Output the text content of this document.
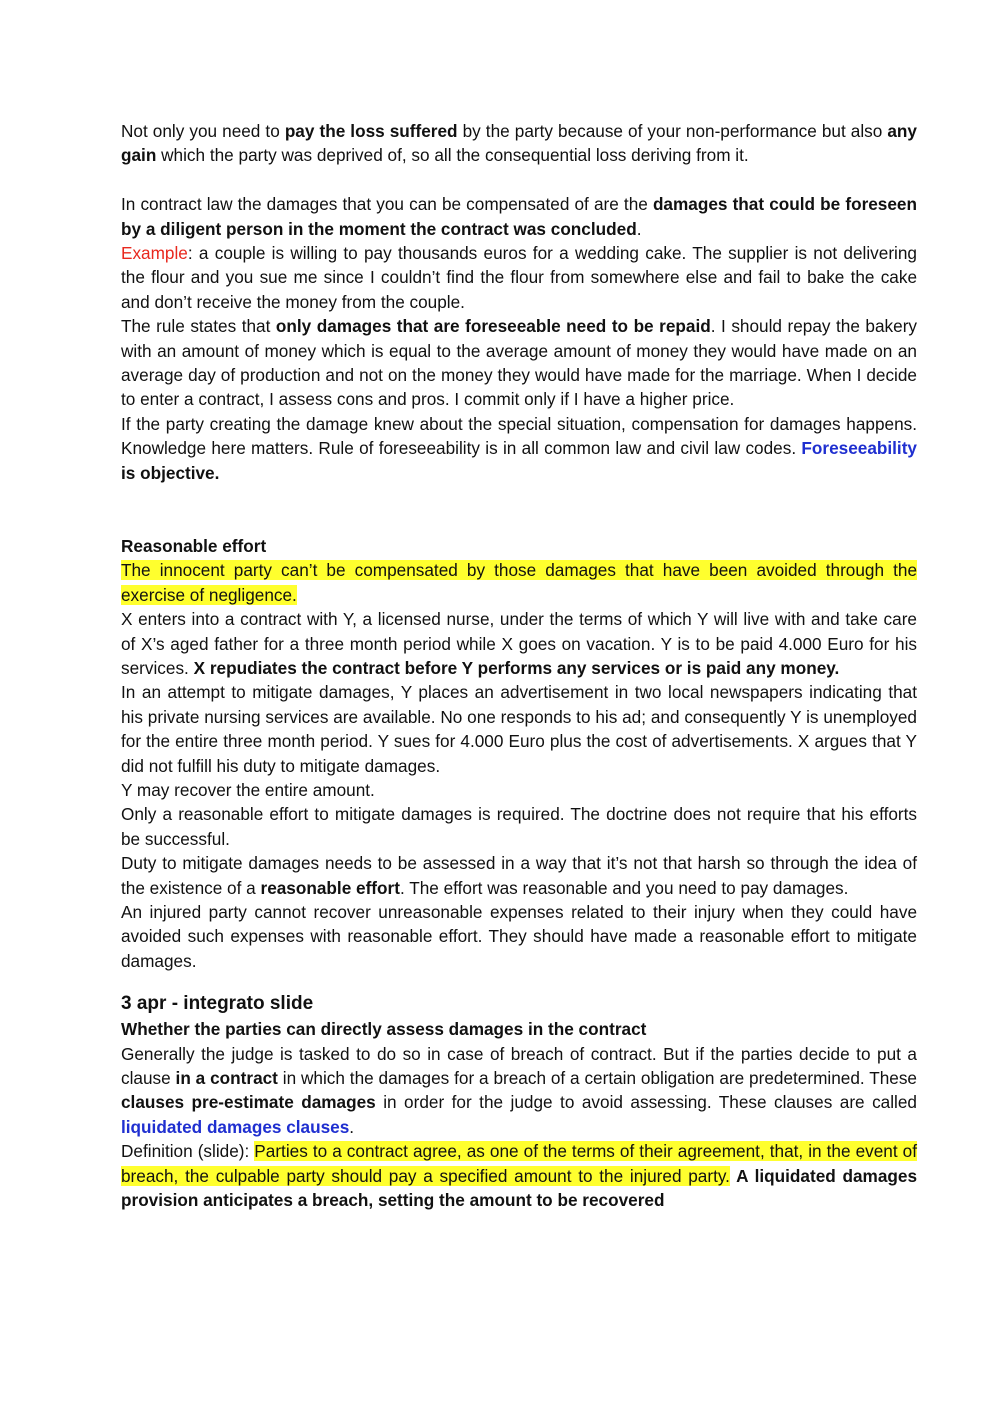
Not only you need to pay the loss suffered by the party because of your non-performance but also any gain which the party was deprived of, so all the consequential loss deriving from it.

In contract law the damages that you can be compensated of are the damages that could be foreseen by a diligent person in the moment the contract was concluded.

Example: a couple is willing to pay thousands euros for a wedding cake. The supplier is not delivering the flour and you sue me since I couldn’t find the flour from somewhere else and fail to bake the cake and don’t receive the money from the couple.

The rule states that only damages that are foreseeable need to be repaid. I should repay the bakery with an amount of money which is equal to the average amount of money they would have made on an average day of production and not on the money they would have made for the marriage. When I decide to enter a contract, I assess cons and pros. I commit only if I have a higher price.

If the party creating the damage knew about the special situation, compensation for damages happens. Knowledge here matters. Rule of foreseeability is in all common law and civil law codes. Foreseeability is objective.

Reasonable effort

The innocent party can’t be compensated by those damages that have been avoided through the exercise of negligence.

X enters into a contract with Y, a licensed nurse, under the terms of which Y will live with and take care of X’s aged father for a three month period while X goes on vacation. Y is to be paid 4.000 Euro for his services. X repudiates the contract before Y performs any services or is paid any money.

In an attempt to mitigate damages, Y places an advertisement in two local newspapers indicating that his private nursing services are available. No one responds to his ad; and consequently Y is unemployed for the entire three month period. Y sues for 4.000 Euro plus the cost of advertisements. X argues that Y did not fulfill his duty to mitigate damages.

Y may recover the entire amount.

Only a reasonable effort to mitigate damages is required. The doctrine does not require that his efforts be successful.

Duty to mitigate damages needs to be assessed in a way that it’s not that harsh so through the idea of the existence of a reasonable effort. The effort was reasonable and you need to pay damages.

An injured party cannot recover unreasonable expenses related to their injury when they could have avoided such expenses with reasonable effort. They should have made a reasonable effort to mitigate damages.

3 apr - integrato slide

Whether the parties can directly assess damages in the contract

Generally the judge is tasked to do so in case of breach of contract. But if the parties decide to put a clause in a contract in which the damages for a breach of a certain obligation are predetermined. These clauses pre-estimate damages in order for the judge to avoid assessing. These clauses are called liquidated damages clauses.

Definition (slide): Parties to a contract agree, as one of the terms of their agreement, that, in the event of breach, the culpable party should pay a specified amount to the injured party. A liquidated damages provision anticipates a breach, setting the amount to be recovered
